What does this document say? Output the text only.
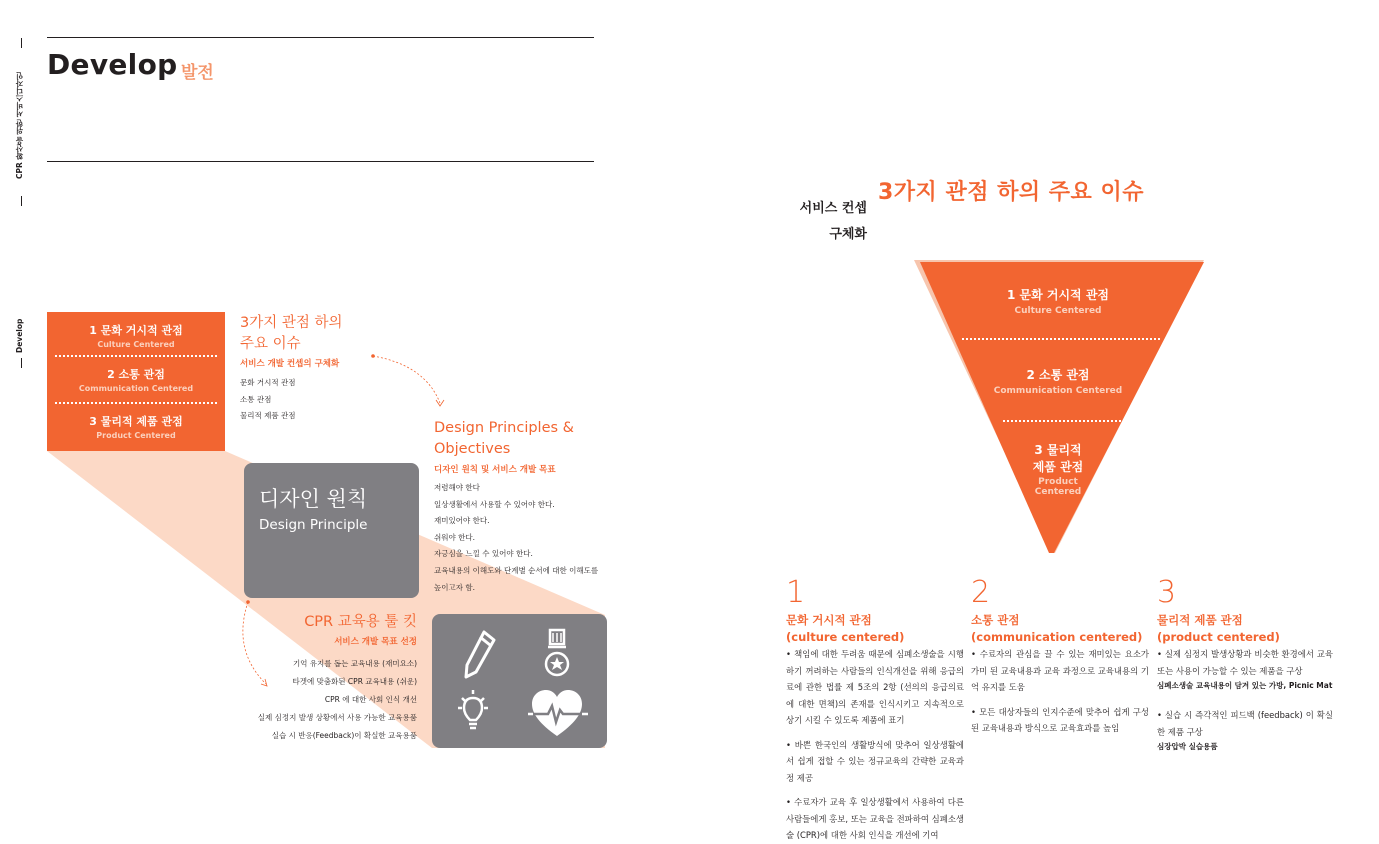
CPR 확산을 위한 서비스디자인
Develop
Develop 발전
1 문화 거시적 관점
Culture Centered
2 소통 관점
Communication Centered
3 물리적 제품 관점
Product Centered
3가지 관점 하의
주요 이슈
서비스 개발 컨셉의 구체화
문화 거시적 관점
소통 관점
물리적 제품 관점
Design Principles &
Objectives
디자인 원칙 및 서비스 개발 목표
저렴해야 한다
일상생활에서 사용할 수 있어야 한다.
재미있어야 한다.
쉬워야 한다.
자긍심을 느낄 수 있어야 한다.
교육내용의 이해도와 단계별 순서에 대한 이해도를
높이고자 함.
디자인 원칙
Design Principle
CPR 교육용 툴 킷
서비스 개발 목표 선정
기억 유지를 돕는 교육내용 (재미요소)
타겟에 맞춤화된 CPR 교육내용 (쉬운)
CPR 에 대한 사회 인식 개선
실제 심정지 발생 상황에서 사용 가능한 교육용품
실습 시 반응(Feedback)이 확실한 교육용품
서비스 컨셉
구체화
3가지 관점 하의 주요 이슈
1 문화 거시적 관점
Culture Centered
2 소통 관점
Communication Centered
3 물리적
제품 관점
Product
Centered
1
문화 거시적 관점
(culture centered)

• 책임에 대한 두려움 때문에 심폐소생술을 시행하기 꺼려하는 사람들의 인식개선을 위해 응급의료에 관한 법률 제 5조의 2항 (선의의 응급의료에 대한 면책)의 존재를 인식시키고 지속적으로 상기 시킬 수 있도록 제품에 표기

• 바쁜 한국인의 생활방식에 맞추어 일상생활에서 쉽게 접할 수 있는 정규교육의 간략한 교육과정 제공

• 수료자가 교육 후 일상생활에서 사용하여 다른 사람들에게 홍보, 또는 교육을 전파하여 심폐소생술 (CPR)에 대한 사회 인식을 개선에 기여

2
소통 관점
(communication centered)

• 수료자의 관심을 끌 수 있는 재미있는 요소가 가미 된 교육내용과 교육 과정으로 교육내용의 기억 유지를 도움

• 모든 대상자들의 인지수준에 맞추어 쉽게 구성된 교육내용과 방식으로 교육효과를 높임

3
물리적 제품 관점
(product centered)

• 실제 심정지 발생상황과 비슷한 환경에서 교육 또는 사용이 가능할 수 있는 제품을 구상

심폐소생술 교육내용이 담겨 있는 가방, Picnic Mat

• 실습 시 즉각적인 피드백 (feedback) 이 확실한 제품 구상

심장압박 실습용품
